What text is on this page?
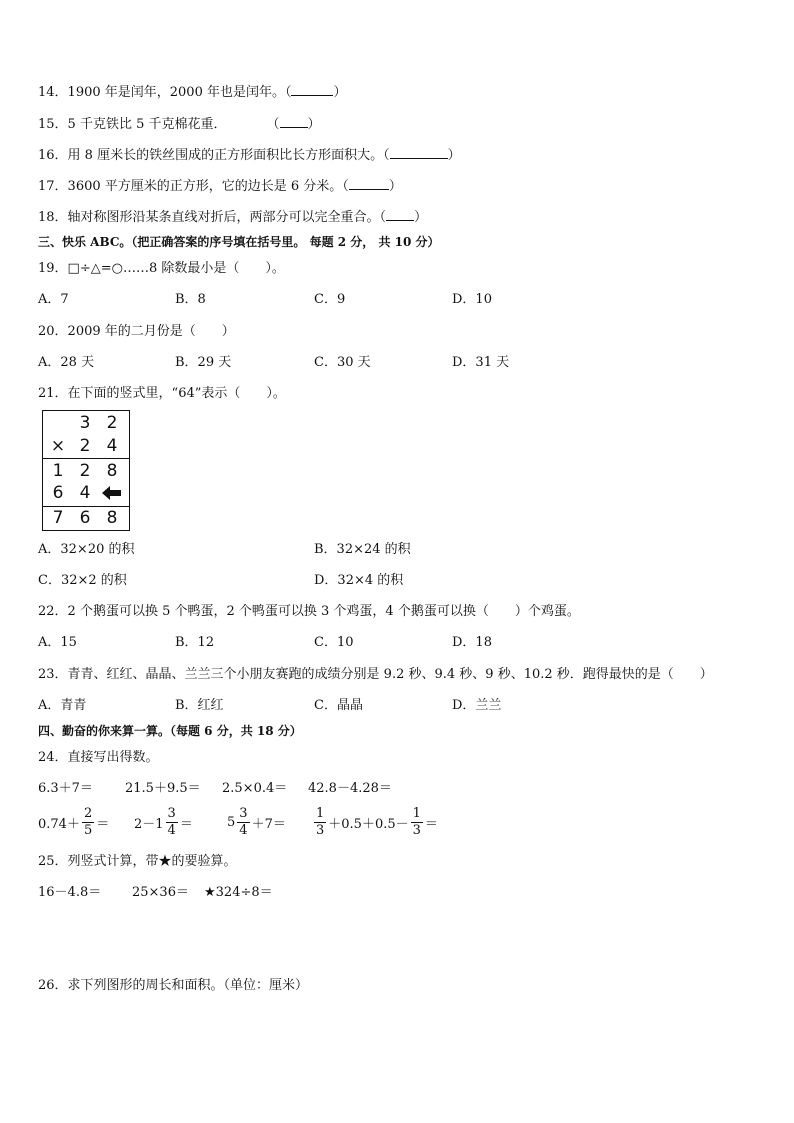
14．1900 年是闰年，2000 年也是闰年。（	）
15．5 千克铁比 5 千克棉花重．	（ ）
16．用 8 厘米长的铁丝围成的正方形面积比长方形面积大。（	）
17．3600 平方厘米的正方形，它的边长是 6 分米。（	）
18．轴对称图形沿某条直线对折后，两部分可以完全重合。（ ）
三、快乐 ABC。（把正确答案的序号填在括号里。 每题 2 分， 共 10 分）
19．□÷△=○……8 除数最小是（　　）。
A．7	B．8	C．9	D．10
20．2009 年的二月份是（　　）
A．28 天	B．29 天	C．30 天	D．31 天
21．在下面的竖式里，“64”表示（　　）。
3 2
× 2 4
1 2 8
6 4
7 6 8
A．32×20 的积	B．32×24 的积
C．32×2 的积	D．32×4 的积
22．2 个鹅蛋可以换 5 个鸭蛋，2 个鸭蛋可以换 3 个鸡蛋，4 个鹅蛋可以换（　　）个鸡蛋。
A．15	B．12	C．10	D．18
23．青青、红红、晶晶、兰兰三个小朋友赛跑的成绩分别是 9.2 秒、9.4 秒、9 秒、10.2 秒．跑得最快的是（　　）
A．青青	B．红红	C．晶晶	D．兰兰
四、勤奋的你来算一算。（每题 6 分，共 18 分）
24．直接写出得数。
6.3＋7＝ 21.5＋9.5＝ 2.5×0.4＝ 42.8－4.28＝
$0.74+ \frac{2}{5} = 2-1 \frac{3}{4}$ ＝	$5 \frac{3}{4} +7= \frac{1}{3} +0.5+0.5- \frac{1}{3}$ ＝
25．列竖式计算，带★的要验算。
16－4.8＝ 25×36＝ ★324÷8＝
26．求下列图形的周长和面积。（单位：厘米）
